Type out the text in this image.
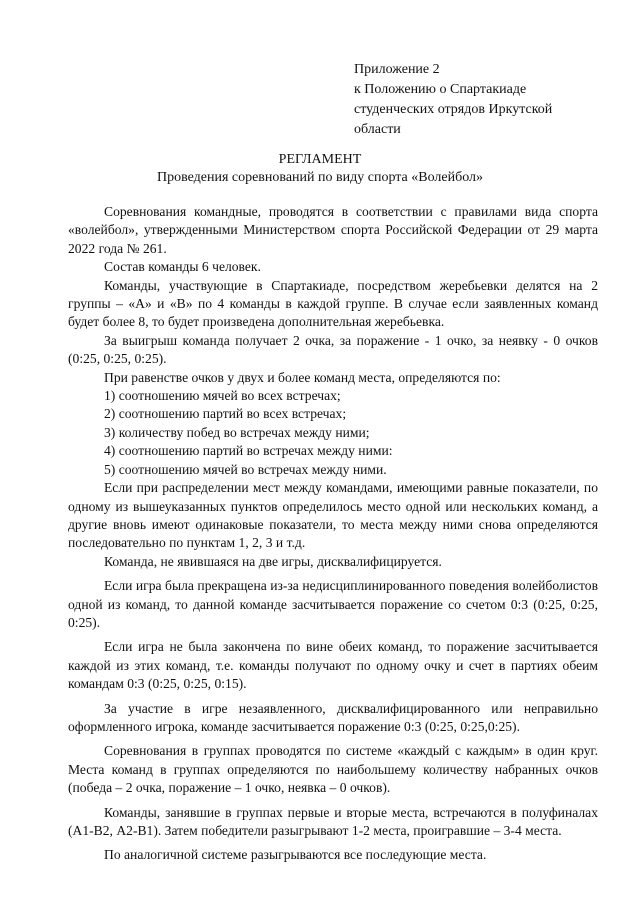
Приложение 2
к Положению о Спартакиаде
студенческих отрядов Иркутской
области
РЕГЛАМЕНТ
Проведения соревнований по виду спорта «Волейбол»

Соревнования командные, проводятся в соответствии с правилами вида спорта «волейбол», утвержденными Министерством спорта Российской Федерации от 29 марта 2022 года № 261.

Состав команды 6 человек.

Команды, участвующие в Спартакиаде, посредством жеребьевки делятся на 2 группы – «А» и «В» по 4 команды в каждой группе. В случае если заявленных команд будет более 8, то будет произведена дополнительная жеребьевка.

За выигрыш команда получает 2 очка, за поражение - 1 очко, за неявку - 0 очков (0:25, 0:25, 0:25).

При равенстве очков у двух и более команд места, определяются по:

1) соотношению мячей во всех встречах;

2) соотношению партий во всех встречах;

3) количеству побед во встречах между ними;

4) соотношению партий во встречах между ними:

5) соотношению мячей во встречах между ними.

Если при распределении мест между командами, имеющими равные показатели, по одному из вышеуказанных пунктов определилось место одной или нескольких команд, а другие вновь имеют одинаковые показатели, то места между ними снова определяются последовательно по пунктам 1, 2, 3 и т.д.

Команда, не явившаяся на две игры, дисквалифицируется.

Если игра была прекращена из-за недисциплинированного поведения волейболистов одной из команд, то данной команде засчитывается поражение со счетом 0:3 (0:25, 0:25, 0:25).

Если игра не была закончена по вине обеих команд, то поражение засчитывается каждой из этих команд, т.е. команды получают по одному очку и счет в партиях обеим командам 0:3 (0:25, 0:25, 0:15).

За участие в игре незаявленного, дисквалифицированного или неправильно оформленного игрока, команде засчитывается поражение 0:3 (0:25, 0:25,0:25).

Соревнования в группах проводятся по системе «каждый с каждым» в один круг. Места команд в группах определяются по наибольшему количеству набранных очков (победа – 2 очка, поражение – 1 очко, неявка – 0 очков).

Команды, занявшие в группах первые и вторые места, встречаются в полуфиналах (А1-В2, А2-В1). Затем победители разыгрывают 1-2 места, проигравшие – 3-4 места.

По аналогичной системе разыгрываются все последующие места.
